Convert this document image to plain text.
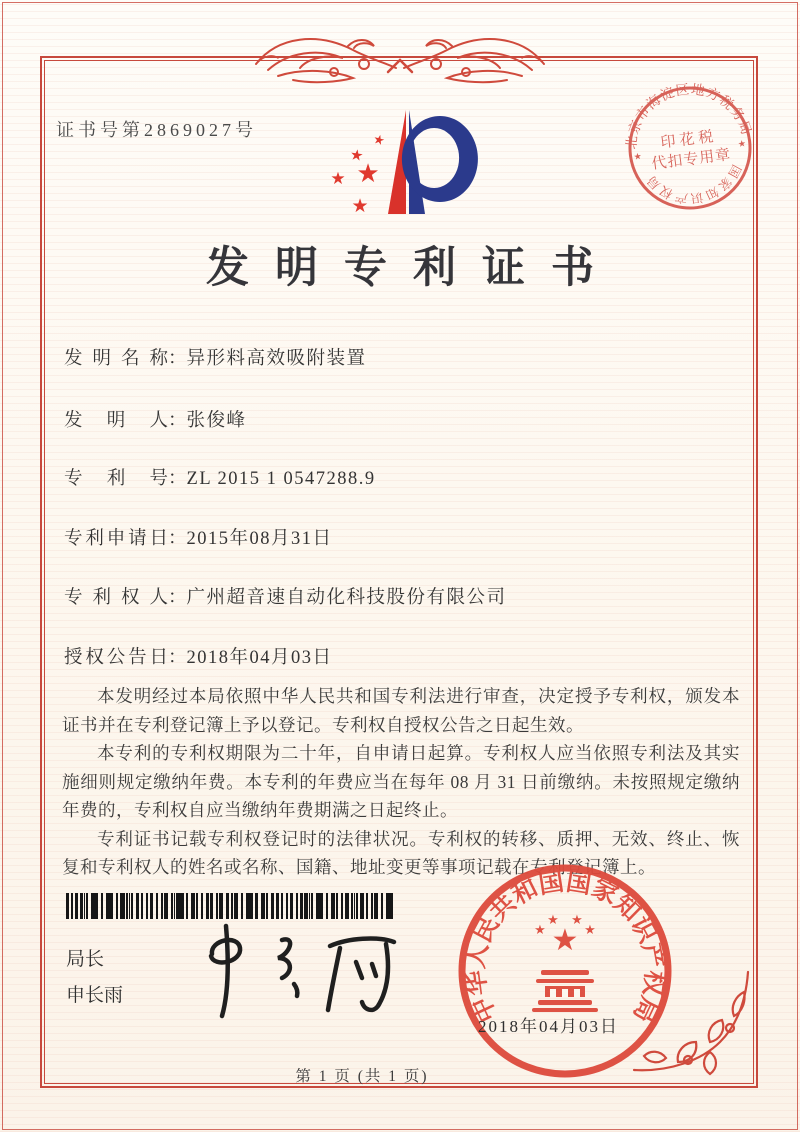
证书号第2869027号
★
★
★ ★
★
北京市海淀区地方税务局
国家知识产权局
印花税
代扣专用章
★
★
发明专利证书
发明名称：异形料高效吸附装置
发明人：张俊峰
专利号：ZL 2015 1 0547288.9
专利申请日：2015年08月31日
专利权人：广州超音速自动化科技股份有限公司
授权公告日：2018年04月03日

本发明经过本局依照中华人民共和国专利法进行审查，决定授予专利权，颁发本证书并在专利登记簿上予以登记。专利权自授权公告之日起生效。

本专利的专利权期限为二十年，自申请日起算。专利权人应当依照专利法及其实施细则规定缴纳年费。本专利的年费应当在每年 08 月 31 日前缴纳。未按照规定缴纳年费的，专利权自应当缴纳年费期满之日起终止。

专利证书记载专利权登记时的法律状况。专利权的转移、质押、无效、终止、恢复和专利权人的姓名或名称、国籍、地址变更等事项记载在专利登记簿上。

局长
申长雨	中华人民共和国国家知识产权局
★
★
★ ★
★
2018年04月03日
第 1 页 (共 1 页)
